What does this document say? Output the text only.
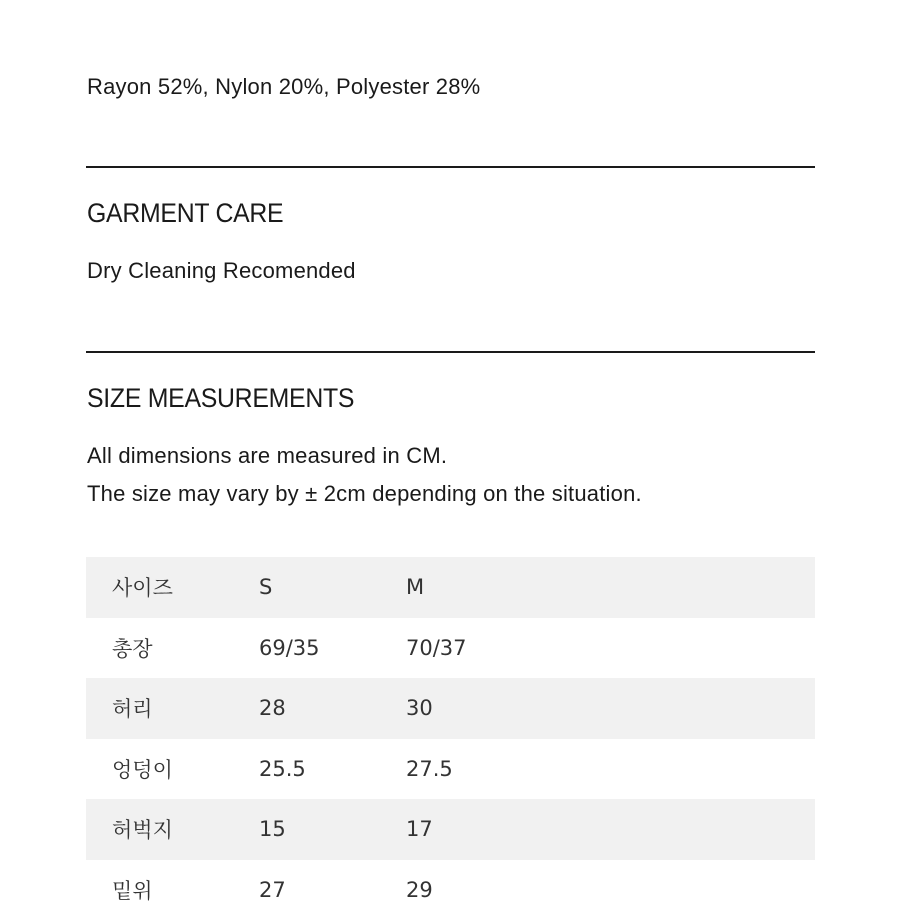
Rayon 52%, Nylon 20%, Polyester 28%
GARMENT CARE

Dry Cleaning Recomended

SIZE MEASUREMENTS

All dimensions are measured in CM.

The size may vary by ± 2cm depending on the situation.

사이즈	S	M
총장	69/35	70/37
허리	28	30
엉덩이	25.5	27.5
허벅지	15	17
밑위	27	29
